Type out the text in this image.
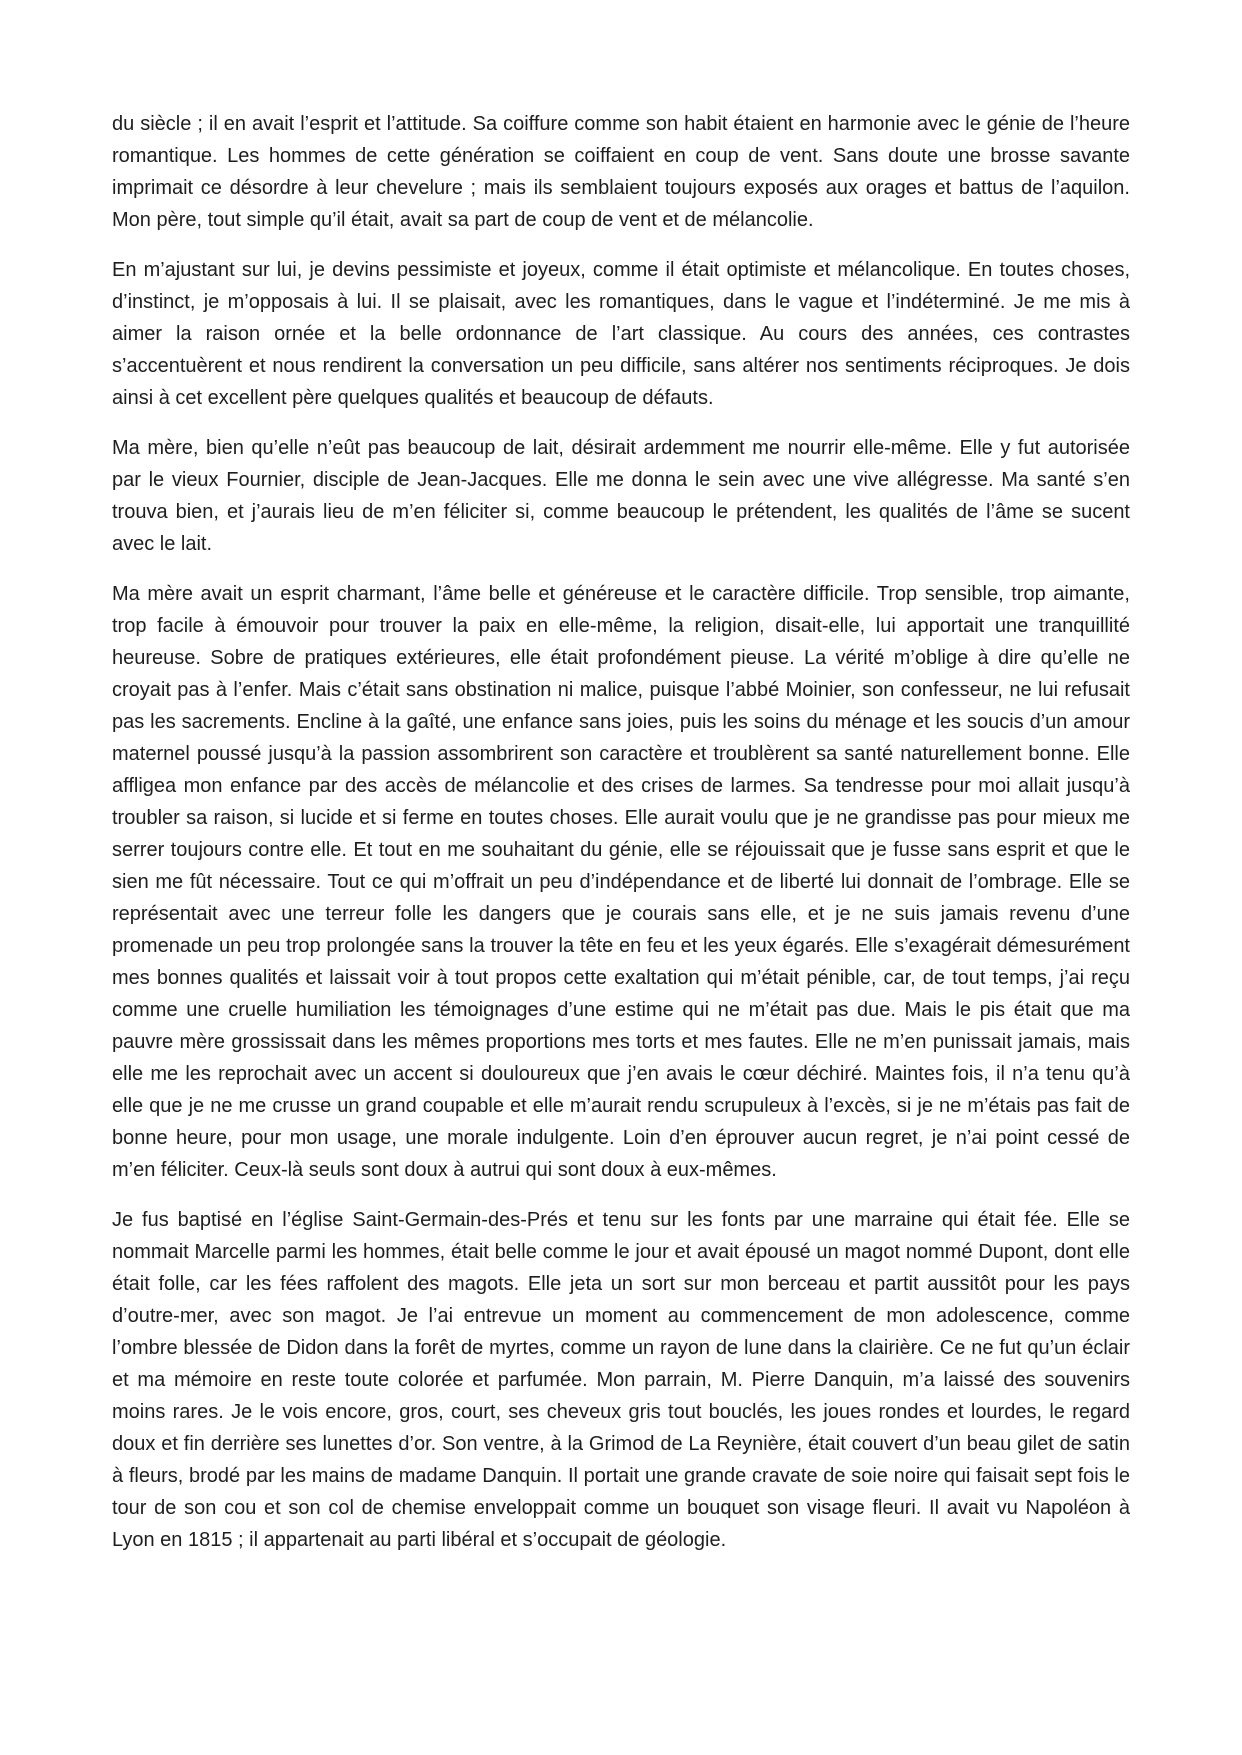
du siècle ; il en avait l’esprit et l’attitude. Sa coiffure comme son habit étaient en harmonie avec le génie de l’heure romantique. Les hommes de cette génération se coiffaient en coup de vent. Sans doute une brosse savante imprimait ce désordre à leur chevelure ; mais ils semblaient toujours exposés aux orages et battus de l’aquilon. Mon père, tout simple qu’il était, avait sa part de coup de vent et de mélancolie.

En m’ajustant sur lui, je devins pessimiste et joyeux, comme il était optimiste et mélancolique. En toutes choses, d’instinct, je m’opposais à lui. Il se plaisait, avec les romantiques, dans le vague et l’indéterminé. Je me mis à aimer la raison ornée et la belle ordonnance de l’art classique. Au cours des années, ces contrastes s’accentuèrent et nous rendirent la conversation un peu difficile, sans altérer nos sentiments réciproques. Je dois ainsi à cet excellent père quelques qualités et beaucoup de défauts.

Ma mère, bien qu’elle n’eût pas beaucoup de lait, désirait ardemment me nourrir elle-même. Elle y fut autorisée par le vieux Fournier, disciple de Jean-Jacques. Elle me donna le sein avec une vive allégresse. Ma santé s’en trouva bien, et j’aurais lieu de m’en féliciter si, comme beaucoup le prétendent, les qualités de l’âme se sucent avec le lait.

Ma mère avait un esprit charmant, l’âme belle et généreuse et le caractère difficile. Trop sensible, trop aimante, trop facile à émouvoir pour trouver la paix en elle-même, la religion, disait-elle, lui apportait une tranquillité heureuse. Sobre de pratiques extérieures, elle était profondément pieuse. La vérité m’oblige à dire qu’elle ne croyait pas à l’enfer. Mais c’était sans obstination ni malice, puisque l’abbé Moinier, son confesseur, ne lui refusait pas les sacrements. Encline à la gaîté, une enfance sans joies, puis les soins du ménage et les soucis d’un amour maternel poussé jusqu’à la passion assombrirent son caractère et troublèrent sa santé naturellement bonne. Elle affligea mon enfance par des accès de mélancolie et des crises de larmes. Sa tendresse pour moi allait jusqu’à troubler sa raison, si lucide et si ferme en toutes choses. Elle aurait voulu que je ne grandisse pas pour mieux me serrer toujours contre elle. Et tout en me souhaitant du génie, elle se réjouissait que je fusse sans esprit et que le sien me fût nécessaire. Tout ce qui m’offrait un peu d’indépendance et de liberté lui donnait de l’ombrage. Elle se représentait avec une terreur folle les dangers que je courais sans elle, et je ne suis jamais revenu d’une promenade un peu trop prolongée sans la trouver la tête en feu et les yeux égarés. Elle s’exagérait démesurément mes bonnes qualités et laissait voir à tout propos cette exaltation qui m’était pénible, car, de tout temps, j’ai reçu comme une cruelle humiliation les témoignages d’une estime qui ne m’était pas due. Mais le pis était que ma pauvre mère grossissait dans les mêmes proportions mes torts et mes fautes. Elle ne m’en punissait jamais, mais elle me les reprochait avec un accent si douloureux que j’en avais le cœur déchiré. Maintes fois, il n’a tenu qu’à elle que je ne me crusse un grand coupable et elle m’aurait rendu scrupuleux à l’excès, si je ne m’étais pas fait de bonne heure, pour mon usage, une morale indulgente. Loin d’en éprouver aucun regret, je n’ai point cessé de m’en féliciter. Ceux-là seuls sont doux à autrui qui sont doux à eux-mêmes.

Je fus baptisé en l’église Saint-Germain-des-Prés et tenu sur les fonts par une marraine qui était fée. Elle se nommait Marcelle parmi les hommes, était belle comme le jour et avait épousé un magot nommé Dupont, dont elle était folle, car les fées raffolent des magots. Elle jeta un sort sur mon berceau et partit aussitôt pour les pays d’outre-mer, avec son magot. Je l’ai entrevue un moment au commencement de mon adolescence, comme l’ombre blessée de Didon dans la forêt de myrtes, comme un rayon de lune dans la clairière. Ce ne fut qu’un éclair et ma mémoire en reste toute colorée et parfumée. Mon parrain, M. Pierre Danquin, m’a laissé des souvenirs moins rares. Je le vois encore, gros, court, ses cheveux gris tout bouclés, les joues rondes et lourdes, le regard doux et fin derrière ses lunettes d’or. Son ventre, à la Grimod de La Reynière, était couvert d’un beau gilet de satin à fleurs, brodé par les mains de madame Danquin. Il portait une grande cravate de soie noire qui faisait sept fois le tour de son cou et son col de chemise enveloppait comme un bouquet son visage fleuri. Il avait vu Napoléon à Lyon en 1815 ; il appartenait au parti libéral et s’occupait de géologie.
